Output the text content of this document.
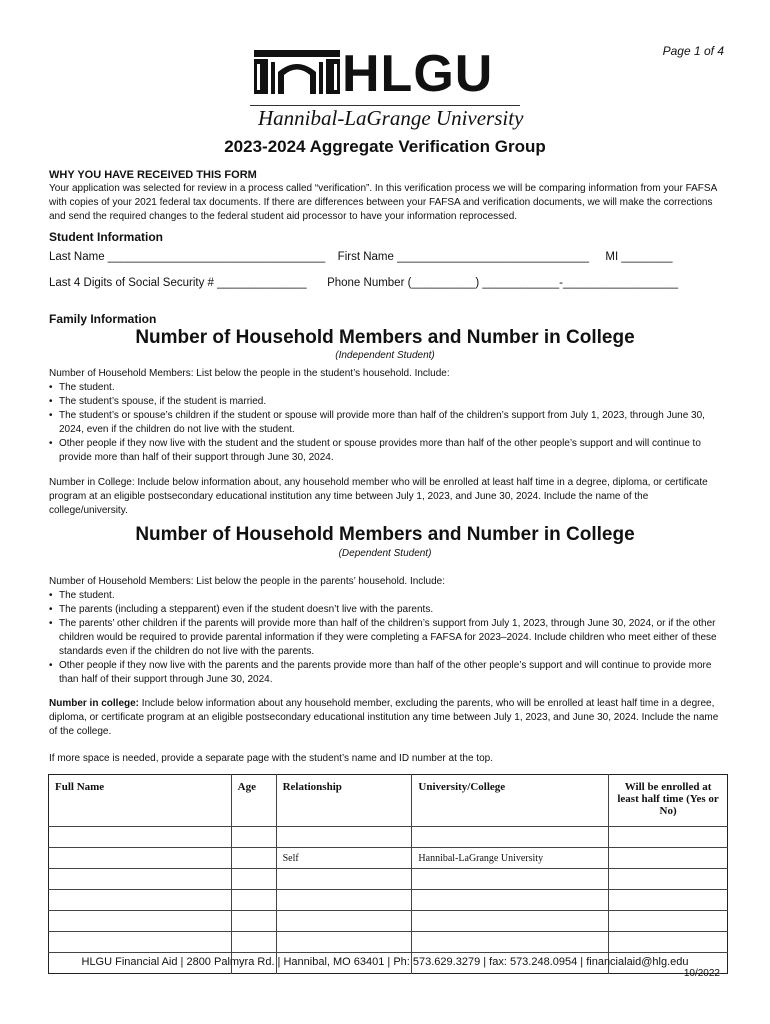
Page 1 of 4
HLGU
Hannibal-LaGrange University
2023-2024 Aggregate Verification Group
WHY YOU HAVE RECEIVED THIS FORM
Your application was selected for review in a process called “verification”. In this verification process we will be comparing information from your FAFSA with copies of your 2021 federal tax documents. If there are differences between your FAFSA and verification documents, we will make the corrections and send the required changes to the federal student aid processor to have your information reprocessed.
Student Information
Last Name __________________________________ First Name ______________________________ MI ________
Last 4 Digits of Social Security # ______________ Phone Number (__________) ____________-__________________
Family Information
Number of Household Members and Number in College
(Independent Student)
Number of Household Members: List below the people in the student’s household. Include:
• The student.
• The student’s spouse, if the student is married.
• The student’s or spouse’s children if the student or spouse will provide more than half of the children’s support from July 1, 2023, through June 30, 2024, even if the children do not live with the student.
• Other people if they now live with the student and the student or spouse provides more than half of the other people’s support and will continue to provide more than half of their support through June 30, 2024.
Number in College: Include below information about, any household member who will be enrolled at least half time in a degree, diploma, or certificate program at an eligible postsecondary educational institution any time between July 1, 2023, and June 30, 2024. Include the name of the college/university.
Number of Household Members and Number in College
(Dependent Student)
Number of Household Members: List below the people in the parents’ household. Include:
• The student.
• The parents (including a stepparent) even if the student doesn’t live with the parents.
• The parents’ other children if the parents will provide more than half of the children’s support from July 1, 2023, through June 30, 2024, or if the other children would be required to provide parental information if they were completing a FAFSA for 2023–2024. Include children who meet either of these standards even if the children do not live with the parents.
• Other people if they now live with the parents and the parents provide more than half of the other people’s support and will continue to provide more than half of their support through June 30, 2024.
Number in college: Include below information about any household member, excluding the parents, who will be enrolled at least half time in a degree, diploma, or certificate program at an eligible postsecondary educational institution any time between July 1, 2023, and June 30, 2024. Include the name of the college.
If more space is needed, provide a separate page with the student’s name and ID number at the top.
Full Name	Age	Relationship	University/College	Will be enrolled at least half time (Yes or No)

		Self	Hannibal-LaGrange University	

HLGU Financial Aid | 2800 Palmyra Rd. | Hannibal, MO 63401 | Ph: 573.629.3279 | fax: 573.248.0954 | financialaid@hlg.edu
10/2022
